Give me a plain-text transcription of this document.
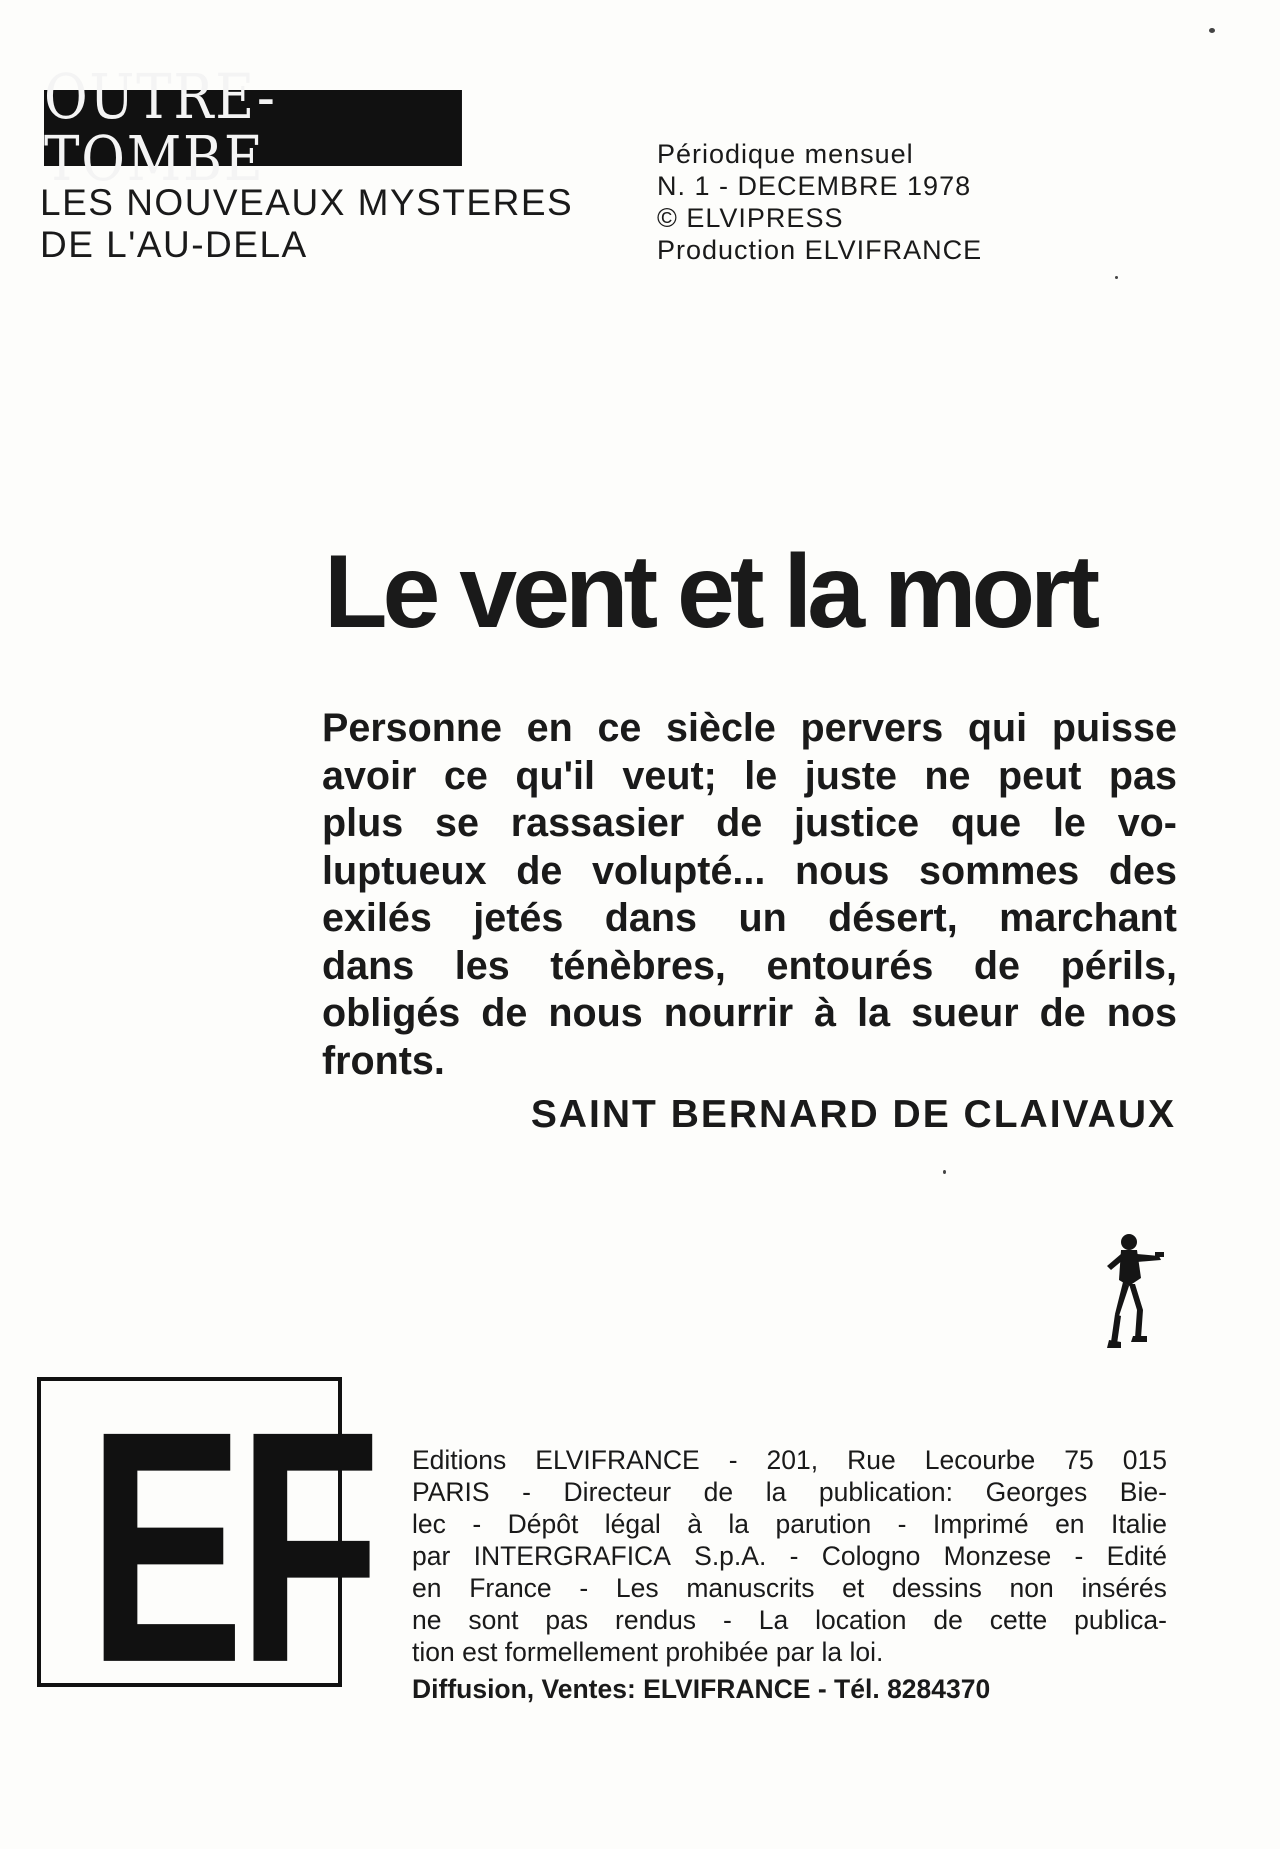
OUTRE-TOMBE
LES NOUVEAUX MYSTERES
DE L'AU-DELA
Périodique mensuel
N. 1 - DECEMBRE 1978
© ELVIPRESS
Production ELVIFRANCE
Le vent et la mort
Personne en ce siècle pervers qui puisse
avoir ce qu'il veut; le juste ne peut pas
plus se rassasier de justice que le vo-
luptueux de volupté... nous sommes des
exilés jetés dans un désert, marchant
dans les ténèbres, entourés de périls,
obligés de nous nourrir à la sueur de nos
fronts.
SAINT BERNARD DE CLAIVAUX
EF Editions ELVIFRANCE - 201, Rue Lecourbe 75 015
PARIS - Directeur de la publication: Georges Bie-
lec - Dépôt légal à la parution - Imprimé en Italie
par INTERGRAFICA S.p.A. - Cologno Monzese - Edité
en France - Les manuscrits et dessins non insérés
ne sont pas rendus - La location de cette publica-
tion est formellement prohibée par la loi.
Diffusion, Ventes: ELVIFRANCE - Tél. 8284370
